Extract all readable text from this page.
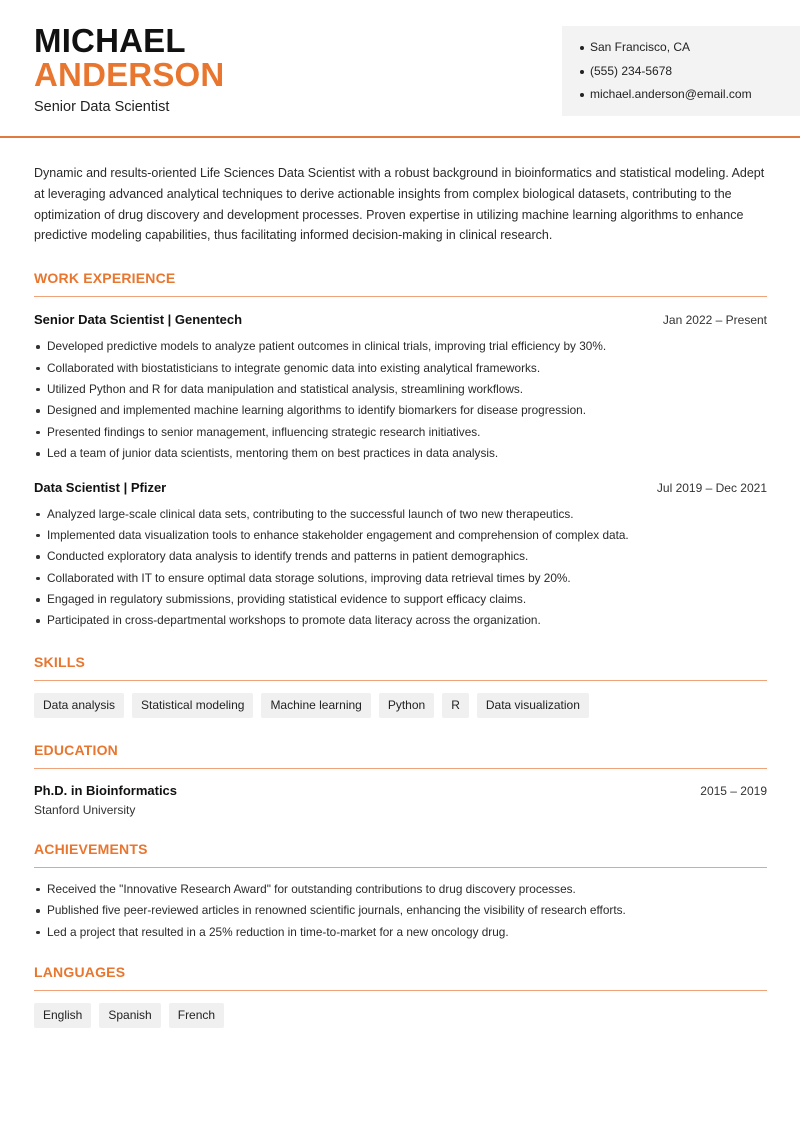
MICHAEL
ANDERSON
Senior Data Scientist
San Francisco, CA
(555) 234-5678
michael.anderson@email.com

Dynamic and results-oriented Life Sciences Data Scientist with a robust background in bioinformatics and statistical modeling. Adept at leveraging advanced analytical techniques to derive actionable insights from complex biological datasets, contributing to the optimization of drug discovery and development processes. Proven expertise in utilizing machine learning algorithms to enhance predictive modeling capabilities, thus facilitating informed decision-making in clinical research.

WORK EXPERIENCE
Senior Data Scientist | Genentech	Jan 2022 – Present
Developed predictive models to analyze patient outcomes in clinical trials, improving trial efficiency by 30%.
Collaborated with biostatisticians to integrate genomic data into existing analytical frameworks.
Utilized Python and R for data manipulation and statistical analysis, streamlining workflows.
Designed and implemented machine learning algorithms to identify biomarkers for disease progression.
Presented findings to senior management, influencing strategic research initiatives.
Led a team of junior data scientists, mentoring them on best practices in data analysis.
Data Scientist | Pfizer	Jul 2019 – Dec 2021
Analyzed large-scale clinical data sets, contributing to the successful launch of two new therapeutics.
Implemented data visualization tools to enhance stakeholder engagement and comprehension of complex data.
Conducted exploratory data analysis to identify trends and patterns in patient demographics.
Collaborated with IT to ensure optimal data storage solutions, improving data retrieval times by 20%.
Engaged in regulatory submissions, providing statistical evidence to support efficacy claims.
Participated in cross-departmental workshops to promote data literacy across the organization.
SKILLS
Data analysis	Statistical modeling	Machine learning	Python	R	Data visualization
EDUCATION
Ph.D. in Bioinformatics	2015 – 2019
Stanford University
ACHIEVEMENTS
Received the "Innovative Research Award" for outstanding contributions to drug discovery processes.
Published five peer-reviewed articles in renowned scientific journals, enhancing the visibility of research efforts.
Led a project that resulted in a 25% reduction in time-to-market for a new oncology drug.
LANGUAGES
English	Spanish	French
